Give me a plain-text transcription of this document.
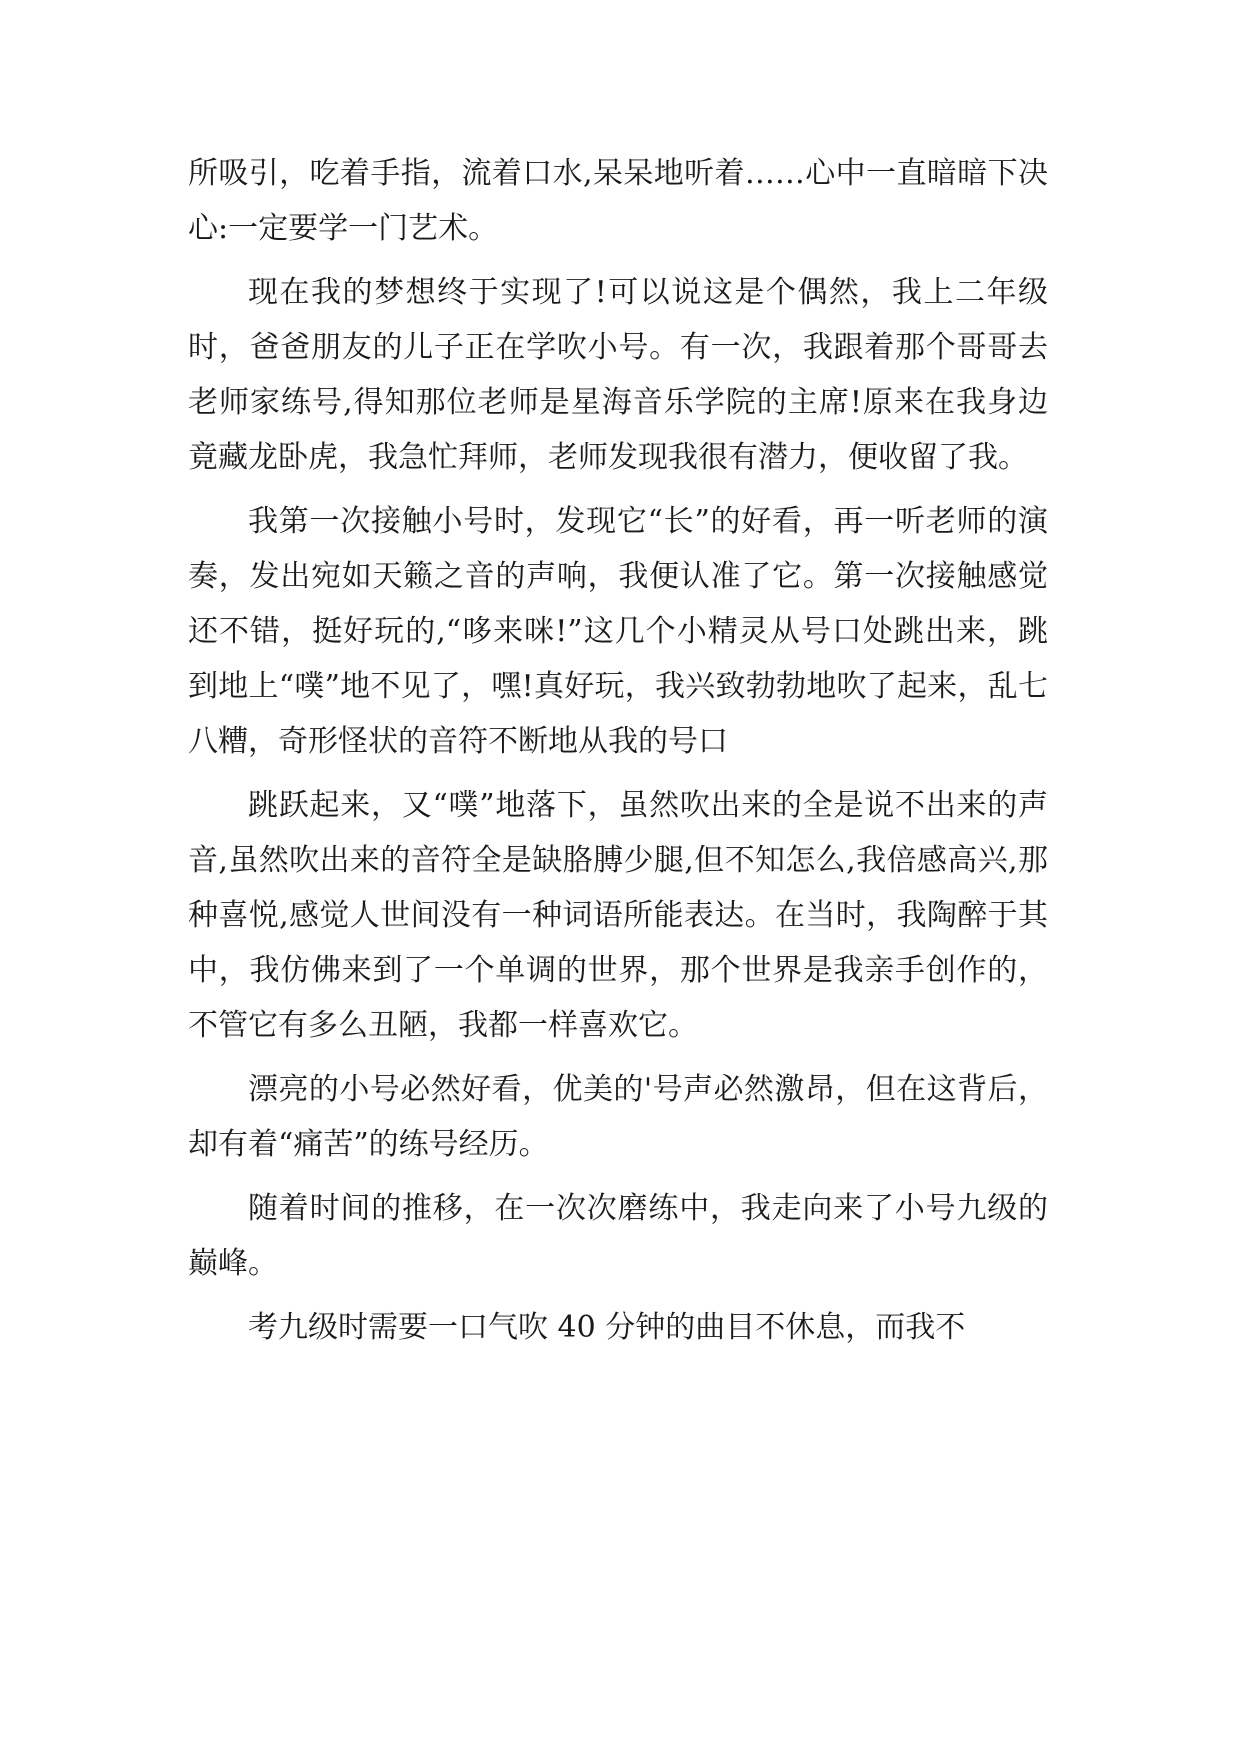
所吸引，吃着手指，流着口水,呆呆地听着……心中一直暗暗下决心:一定要学一门艺术。

现在我的梦想终于实现了!可以说这是个偶然，我上二年级时，爸爸朋友的儿子正在学吹小号。有一次，我跟着那个哥哥去老师家练号,得知那位老师是星海音乐学院的主席!原来在我身边竟藏龙卧虎，我急忙拜师，老师发现我很有潜力，便收留了我。

我第一次接触小号时，发现它“长”的好看，再一听老师的演奏，发出宛如天籁之音的声响，我便认准了它。第一次接触感觉还不错，挺好玩的,“哆来咪!”这几个小精灵从号口处跳出来，跳到地上“噗”地不见了，嘿!真好玩，我兴致勃勃地吹了起来，乱七八糟，奇形怪状的音符不断地从我的号口

跳跃起来，又“噗”地落下，虽然吹出来的全是说不出来的声音,虽然吹出来的音符全是缺胳膊少腿,但不知怎么,我倍感高兴,那种喜悦,感觉人世间没有一种词语所能表达。在当时，我陶醉于其中，我仿佛来到了一个单调的世界，那个世界是我亲手创作的，不管它有多么丑陋，我都一样喜欢它。

漂亮的小号必然好看，优美的'号声必然激昂，但在这背后，却有着“痛苦”的练号经历。

随着时间的推移，在一次次磨练中，我走向来了小号九级的巅峰。

考九级时需要一口气吹 40 分钟的曲目不休息，而我不
